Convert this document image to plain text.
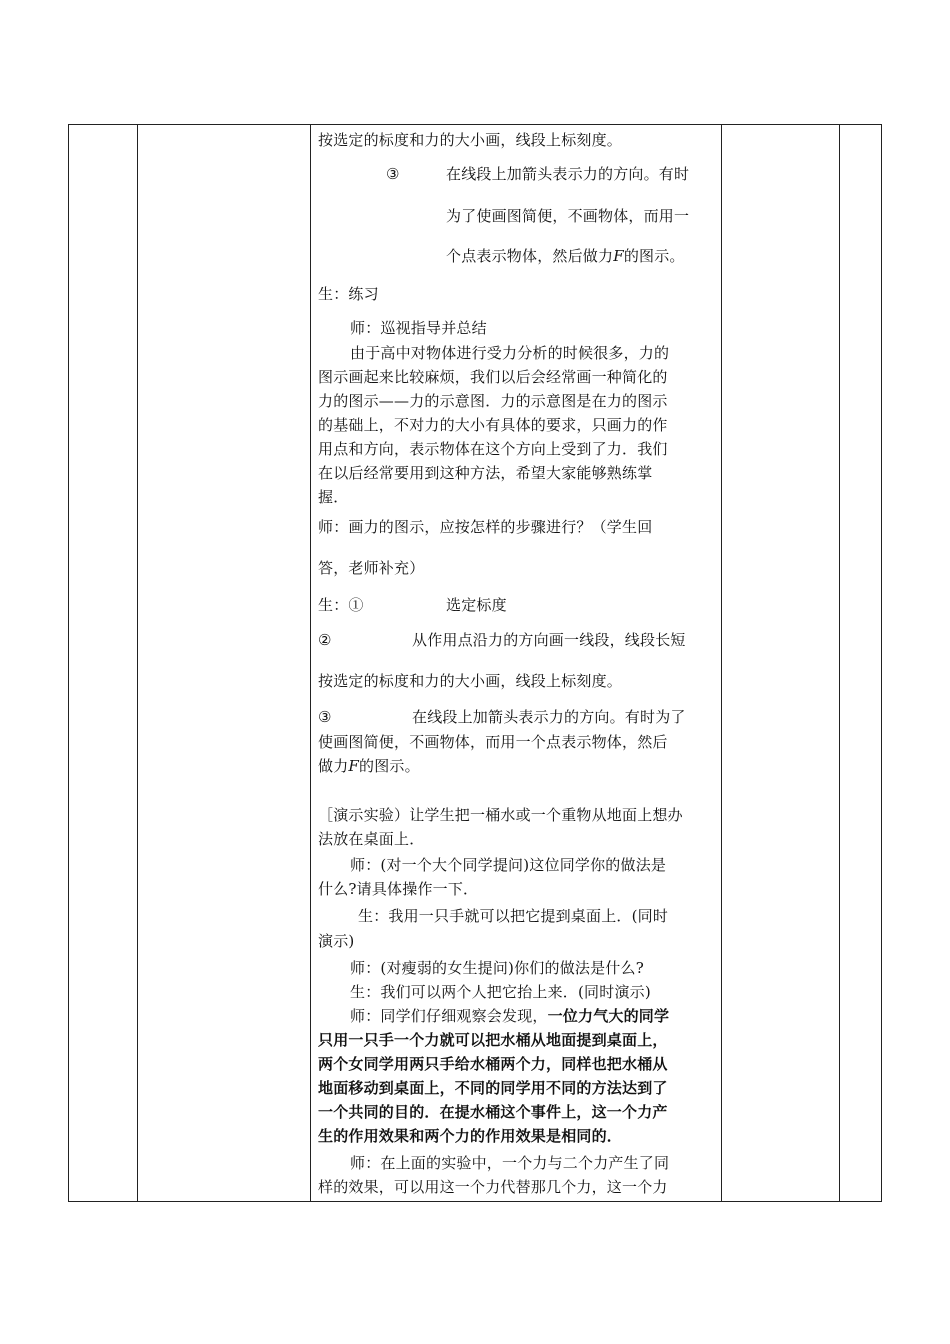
按选定的标度和力的大小画，线段上标刻度。
③	在线段上加箭头表示力的方向。有时
为了使画图简便，不画物体，而用一
个点表示物体，然后做力F的图示。
生：练习
师：巡视指导并总结
由于高中对物体进行受力分析的时候很多，力的
图示画起来比较麻烦，我们以后会经常画一种简化的
力的图示——力的示意图．力的示意图是在力的图示
的基础上，不对力的大小有具体的要求，只画力的作
用点和方向，表示物体在这个方向上受到了力．我们
在以后经常要用到这种方法，希望大家能够熟练掌
握．
师：画力的图示，应按怎样的步骤进行？（学生回
答，老师补充）
生：①	选定标度
②	从作用点沿力的方向画一线段，线段长短
按选定的标度和力的大小画，线段上标刻度。
③	在线段上加箭头表示力的方向。有时为了
使画图简便，不画物体，而用一个点表示物体，然后
做力F的图示。
［演示实验）让学生把一桶水或一个重物从地面上想办
法放在桌面上．
师：(对一个大个同学提问)这位同学你的做法是
什么?请具体操作一下．
生：我用一只手就可以把它提到桌面上．(同时
演示)
师：(对瘦弱的女生提问)你们的做法是什么?
生：我们可以两个人把它抬上来．(同时演示)
师：同学们仔细观察会发现，一位力气大的同学
只用一只手一个力就可以把水桶从地面提到桌面上，
两个女同学用两只手给水桶两个力，同样也把水桶从
地面移动到桌面上，不同的同学用不同的方法达到了
一个共同的目的．在提水桶这个事件上，这一个力产
生的作用效果和两个力的作用效果是相同的．
师：在上面的实验中，一个力与二个力产生了同
样的效果，可以用这一个力代替那几个力，这一个力
